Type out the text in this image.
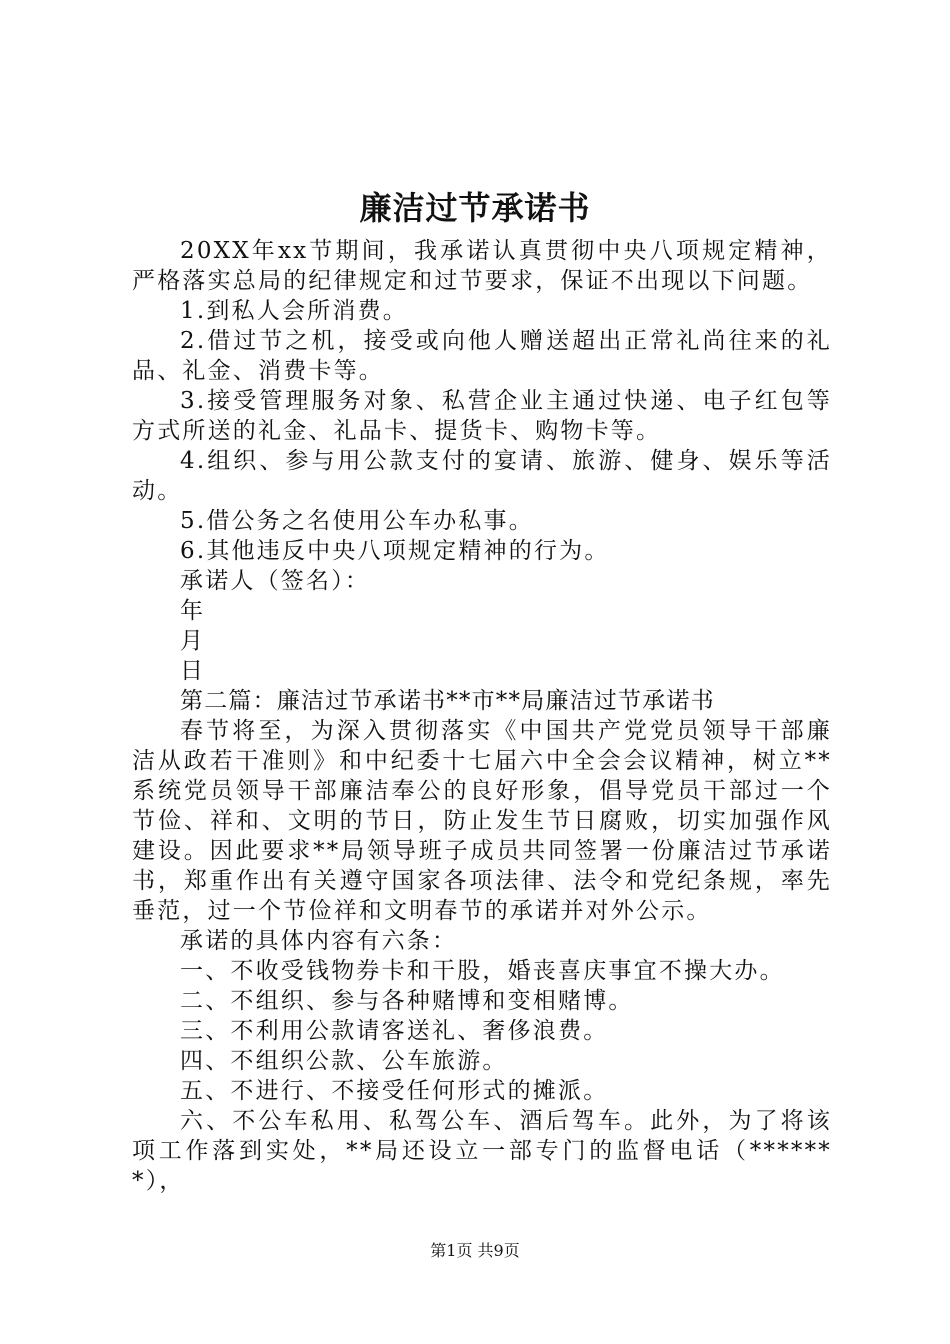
廉洁过节承诺书

20XX年xx节期间，我承诺认真贯彻中央八项规定精神，严格落实总局的纪律规定和过节要求，保证不出现以下问题。

1.到私人会所消费。

2.借过节之机，接受或向他人赠送超出正常礼尚往来的礼品、礼金、消费卡等。

3.接受管理服务对象、私营企业主通过快递、电子红包等方式所送的礼金、礼品卡、提货卡、购物卡等。

4.组织、参与用公款支付的宴请、旅游、健身、娱乐等活动。

5.借公务之名使用公车办私事。

6.其他违反中央八项规定精神的行为。

承诺人（签名）：

年

月

日

第二篇：廉洁过节承诺书**市**局廉洁过节承诺书

春节将至，为深入贯彻落实《中国共产党党员领导干部廉洁从政若干准则》和中纪委十七届六中全会会议精神，树立**系统党员领导干部廉洁奉公的良好形象，倡导党员干部过一个节俭、祥和、文明的节日，防止发生节日腐败，切实加强作风建设。因此要求**局领导班子成员共同签署一份廉洁过节承诺书，郑重作出有关遵守国家各项法律、法令和党纪条规，率先垂范，过一个节俭祥和文明春节的承诺并对外公示。

承诺的具体内容有六条：

一、不收受钱物券卡和干股，婚丧喜庆事宜不操大办。

二、不组织、参与各种赌博和变相赌博。

三、不利用公款请客送礼、奢侈浪费。

四、不组织公款、公车旅游。

五、不进行、不接受任何形式的摊派。

六、不公车私用、私驾公车、酒后驾车。此外，为了将该项工作落到实处，**局还设立一部专门的监督电话（*******），

第1页 共9页
